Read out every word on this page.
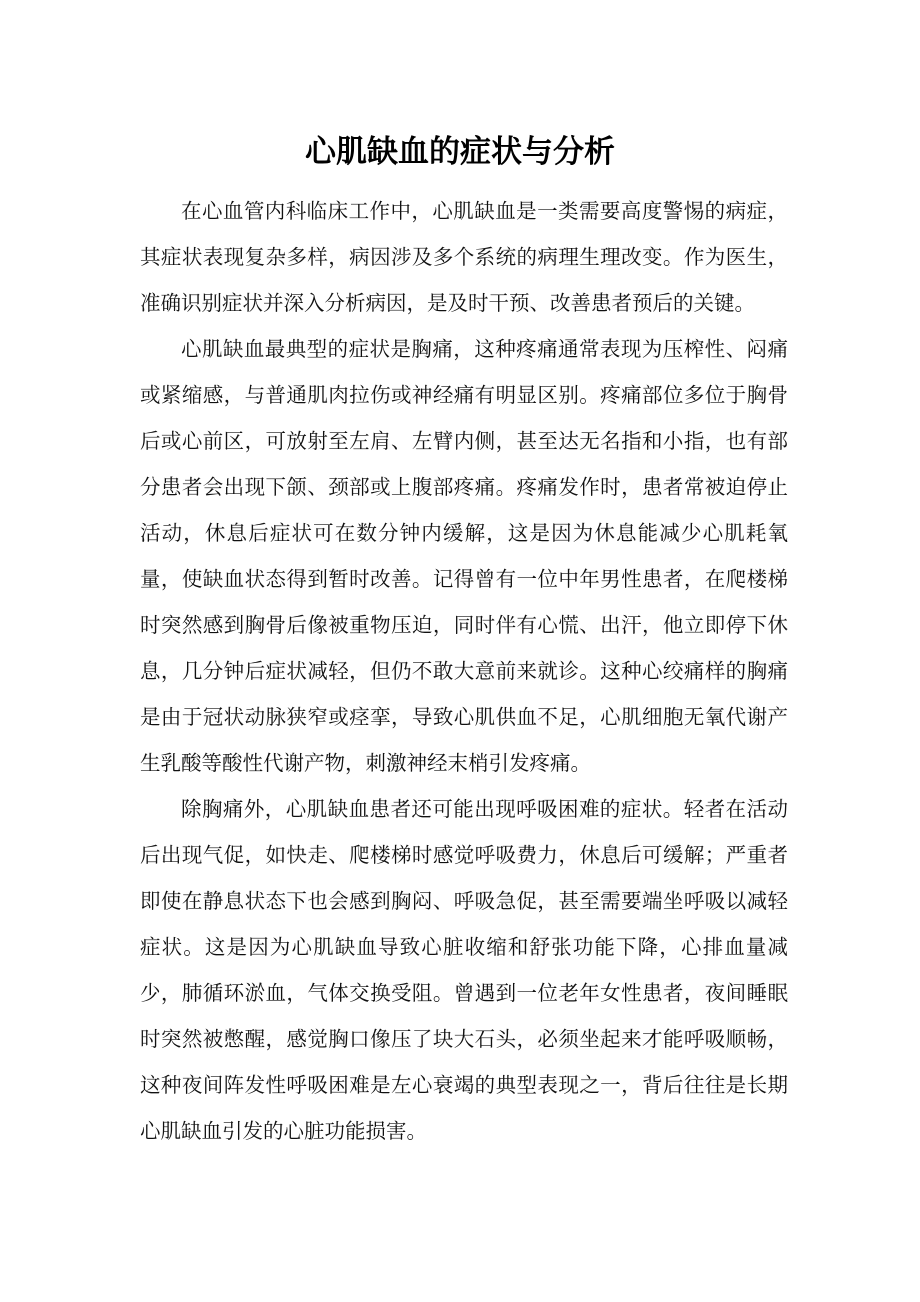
心肌缺血的症状与分析

在心血管内科临床工作中，心肌缺血是一类需要高度警惕的病症，其症状表现复杂多样，病因涉及多个系统的病理生理改变。作为医生，准确识别症状并深入分析病因，是及时干预、改善患者预后的关键。

心肌缺血最典型的症状是胸痛，这种疼痛通常表现为压榨性、闷痛或紧缩感，与普通肌肉拉伤或神经痛有明显区别。疼痛部位多位于胸骨后或心前区，可放射至左肩、左臂内侧，甚至达无名指和小指，也有部分患者会出现下颌、颈部或上腹部疼痛。疼痛发作时，患者常被迫停止活动，休息后症状可在数分钟内缓解，这是因为休息能减少心肌耗氧量，使缺血状态得到暂时改善。记得曾有一位中年男性患者，在爬楼梯时突然感到胸骨后像被重物压迫，同时伴有心慌、出汗，他立即停下休息，几分钟后症状减轻，但仍不敢大意前来就诊。这种心绞痛样的胸痛是由于冠状动脉狭窄或痉挛，导致心肌供血不足，心肌细胞无氧代谢产生乳酸等酸性代谢产物，刺激神经末梢引发疼痛。

除胸痛外，心肌缺血患者还可能出现呼吸困难的症状。轻者在活动后出现气促，如快走、爬楼梯时感觉呼吸费力，休息后可缓解；严重者即使在静息状态下也会感到胸闷、呼吸急促，甚至需要端坐呼吸以减轻症状。这是因为心肌缺血导致心脏收缩和舒张功能下降，心排血量减少，肺循环淤血，气体交换受阻。曾遇到一位老年女性患者，夜间睡眠时突然被憋醒，感觉胸口像压了块大石头，必须坐起来才能呼吸顺畅，这种夜间阵发性呼吸困难是左心衰竭的典型表现之一，背后往往是长期心肌缺血引发的心脏功能损害。
